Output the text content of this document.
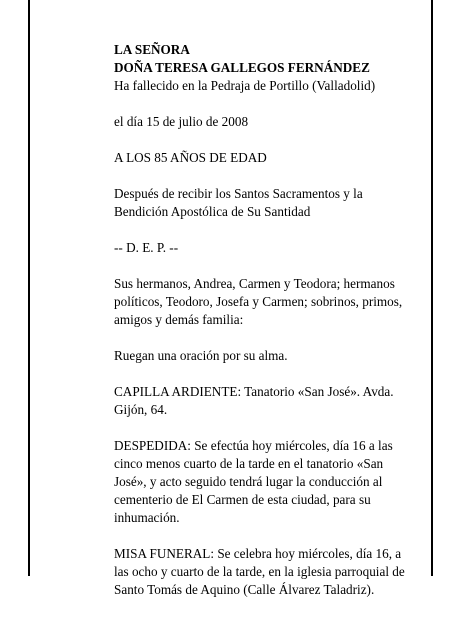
LA SEÑORA

DOÑA TERESA GALLEGOS FERNÁNDEZ

Ha fallecido en la Pedraja de Portillo (Valladolid)

el día 15 de julio de 2008

A LOS 85 AÑOS DE EDAD

Después de recibir los Santos Sacramentos y la Bendición Apostólica de Su Santidad

-- D. E. P. --

Sus hermanos, Andrea, Carmen y Teodora; hermanos políticos, Teodoro, Josefa y Carmen; sobrinos, primos, amigos y demás familia:

Ruegan una oración por su alma.

CAPILLA ARDIENTE: Tanatorio «San José». Avda. Gijón, 64.

DESPEDIDA: Se efectúa hoy miércoles, día 16 a las cinco menos cuarto de la tarde en el tanatorio «San José», y acto seguido tendrá lugar la conducción al cementerio de El Carmen de esta ciudad, para su inhumación.

MISA FUNERAL: Se celebra hoy miércoles, día 16, a las ocho y cuarto de la tarde, en la iglesia parroquial de Santo Tomás de Aquino (Calle Álvarez Taladriz).
